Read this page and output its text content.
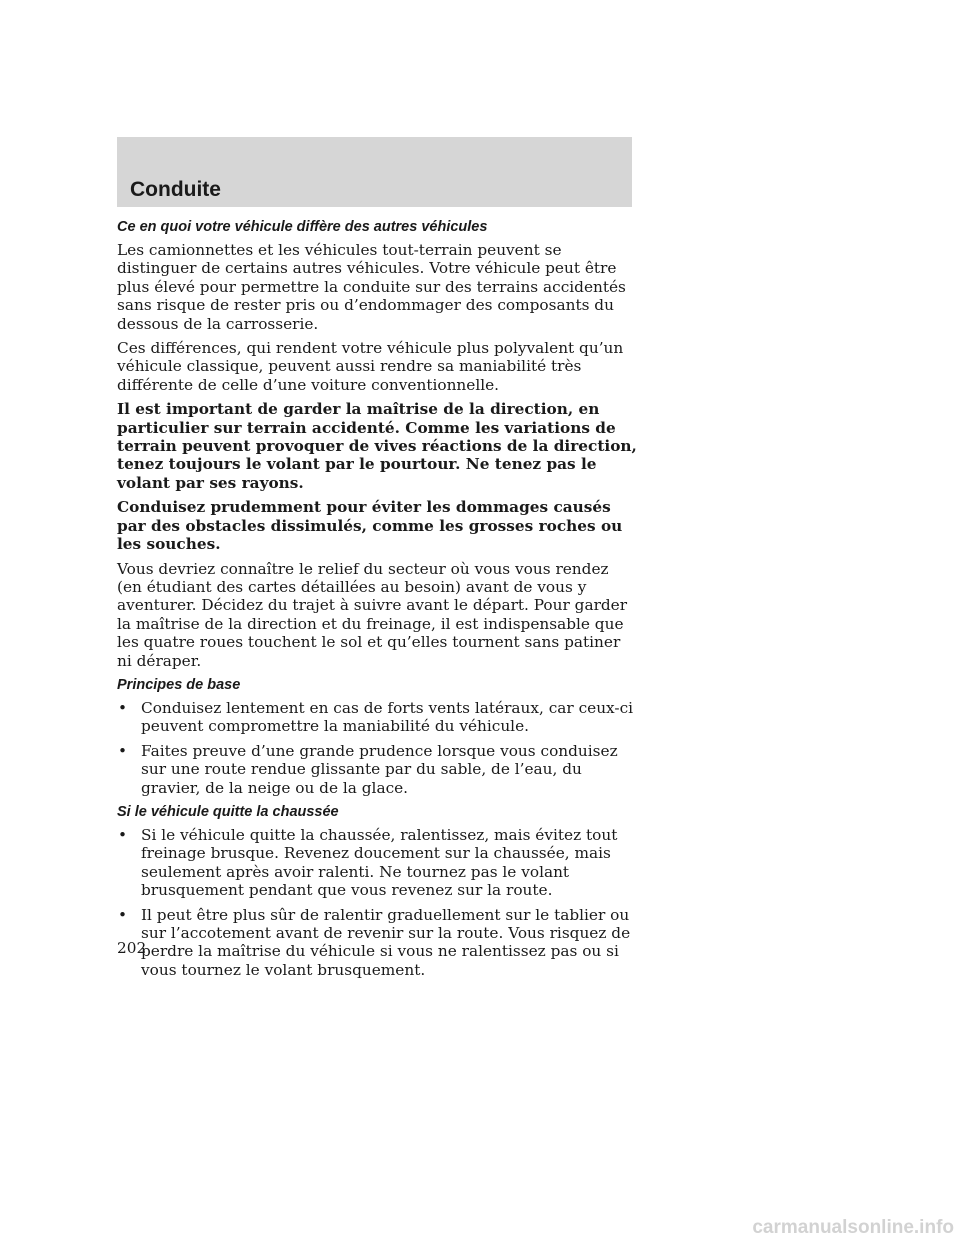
Conduite
Ce en quoi votre véhicule diffère des autres véhicules

Les camionnettes et les véhicules tout-terrain peuvent se distinguer de certains autres véhicules. Votre véhicule peut être plus élevé pour permettre la conduite sur des terrains accidentés sans risque de rester pris ou d’endommager des composants du dessous de la carrosserie.

Ces différences, qui rendent votre véhicule plus polyvalent qu’un véhicule classique, peuvent aussi rendre sa maniabilité très différente de celle d’une voiture conventionnelle.

Il est important de garder la maîtrise de la direction, en particulier sur terrain accidenté. Comme les variations de terrain peuvent provoquer de vives réactions de la direction, tenez toujours le volant par le pourtour. Ne tenez pas le volant par ses rayons.

Conduisez prudemment pour éviter les dommages causés par des obstacles dissimulés, comme les grosses roches ou les souches.

Vous devriez connaître le relief du secteur où vous vous rendez (en étudiant des cartes détaillées au besoin) avant de vous y aventurer. Décidez du trajet à suivre avant le départ. Pour garder la maîtrise de la direction et du freinage, il est indispensable que les quatre roues touchent le sol et qu’elles tournent sans patiner ni déraper.

Principes de base
• Conduisez lentement en cas de forts vents latéraux, car ceux-ci peuvent compromettre la maniabilité du véhicule.
• Faites preuve d’une grande prudence lorsque vous conduisez sur une route rendue glissante par du sable, de l’eau, du gravier, de la neige ou de la glace.
Si le véhicule quitte la chaussée
• Si le véhicule quitte la chaussée, ralentissez, mais évitez tout freinage brusque. Revenez doucement sur la chaussée, mais seulement après avoir ralenti. Ne tournez pas le volant brusquement pendant que vous revenez sur la route.
• Il peut être plus sûr de ralentir graduellement sur le tablier ou sur l’accotement avant de revenir sur la route. Vous risquez de perdre la maîtrise du véhicule si vous ne ralentissez pas ou si vous tournez le volant brusquement.
202
carmanualsonline.info
